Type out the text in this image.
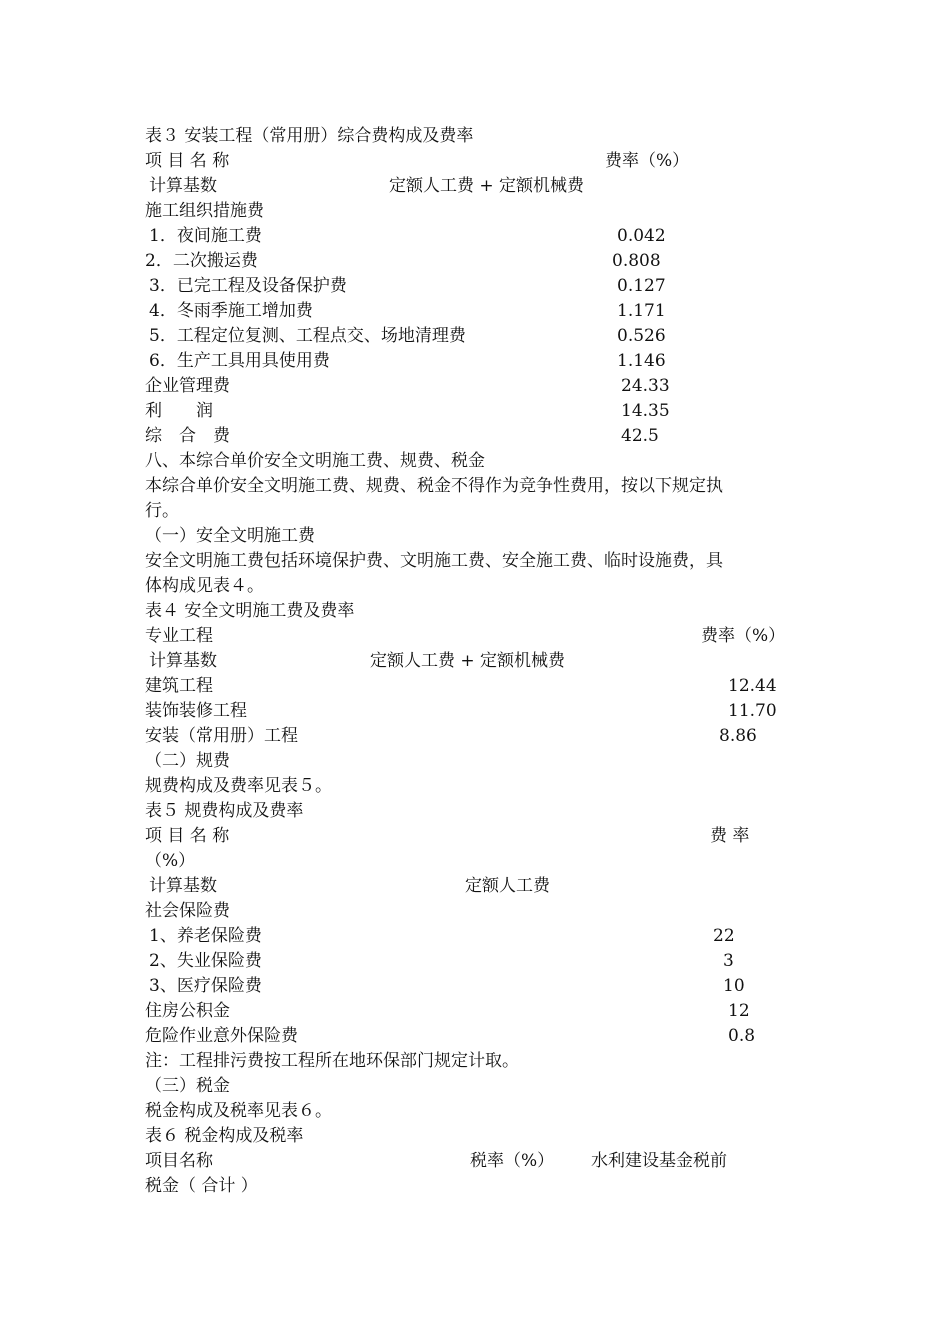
表３ 安装工程（常用册）综合费构成及费率
项 目 名 称	费率（%）
计算基数	定额人工费 + 定额机械费
施工组织措施费
1．夜间施工费	0.042
2．二次搬运费	0.808
3．已完工程及设备保护费	0.127
4．冬雨季施工增加费	1.171
5．工程定位复测、工程点交、场地清理费	0.526
6．生产工具用具使用费	1.146
企业管理费	24.33
利　　润	14.35
综　合　费	42.5
八、本综合单价安全文明施工费、规费、税金
本综合单价安全文明施工费、规费、税金不得作为竞争性费用，按以下规定执
行。
（一）安全文明施工费
安全文明施工费包括环境保护费、文明施工费、安全施工费、临时设施费，具
体构成见表４。
表４ 安全文明施工费及费率
专业工程	费率（%）
计算基数	定额人工费 + 定额机械费
建筑工程	12.44
装饰装修工程	11.70
安装（常用册）工程	8.86
（二）规费
规费构成及费率见表５。
表５ 规费构成及费率
项 目 名 称	费 率
（%）
计算基数	定额人工费
社会保险费
1、养老保险费	22
2、失业保险费	3
3、医疗保险费	10
住房公积金	12
危险作业意外保险费	0.8
注：工程排污费按工程所在地环保部门规定计取。
（三）税金
税金构成及税率见表６。
表６ 税金构成及税率
项目名称	税率（%） 水利建设基金税前
税金（ 合计 ）
